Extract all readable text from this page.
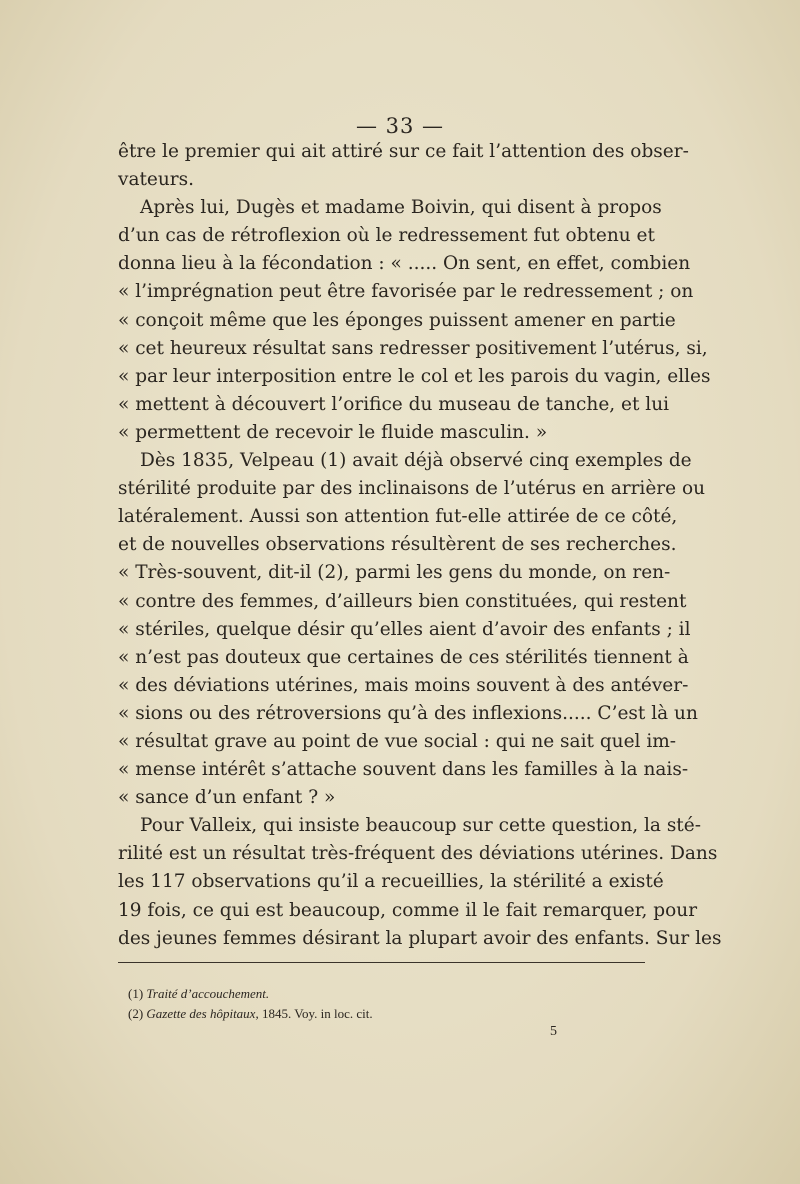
— 33 —
être le premier qui ait attiré sur ce fait l’attention des obser-
vateurs.
Après lui, Dugès et madame Boivin, qui disent à propos
d’un cas de rétroflexion où le redressement fut obtenu et
donna lieu à la fécondation : « ..... On sent, en effet, combien
« l’imprégnation peut être favorisée par le redressement ; on
« conçoit même que les éponges puissent amener en partie
« cet heureux résultat sans redresser positivement l’utérus, si,
« par leur interposition entre le col et les parois du vagin, elles
« mettent à découvert l’orifice du museau de tanche, et lui
« permettent de recevoir le fluide masculin. »
Dès 1835, Velpeau (1) avait déjà observé cinq exemples de
stérilité produite par des inclinaisons de l’utérus en arrière ou
latéralement. Aussi son attention fut-elle attirée de ce côté,
et de nouvelles observations résultèrent de ses recherches.
« Très-souvent, dit-il (2), parmi les gens du monde, on ren-
« contre des femmes, d’ailleurs bien constituées, qui restent
« stériles, quelque désir qu’elles aient d’avoir des enfants ; il
« n’est pas douteux que certaines de ces stérilités tiennent à
« des déviations utérines, mais moins souvent à des antéver-
« sions ou des rétroversions qu’à des inflexions..... C’est là un
« résultat grave au point de vue social : qui ne sait quel im-
« mense intérêt s’attache souvent dans les familles à la nais-
« sance d’un enfant ? »
Pour Valleix, qui insiste beaucoup sur cette question, la sté-
rilité est un résultat très-fréquent des déviations utérines. Dans
les 117 observations qu’il a recueillies, la stérilité a existé
19 fois, ce qui est beaucoup, comme il le fait remarquer, pour
des jeunes femmes désirant la plupart avoir des enfants. Sur les
(1) Traité d’accouchement.
(2) Gazette des hôpitaux, 1845. Voy. in loc. cit.
5
